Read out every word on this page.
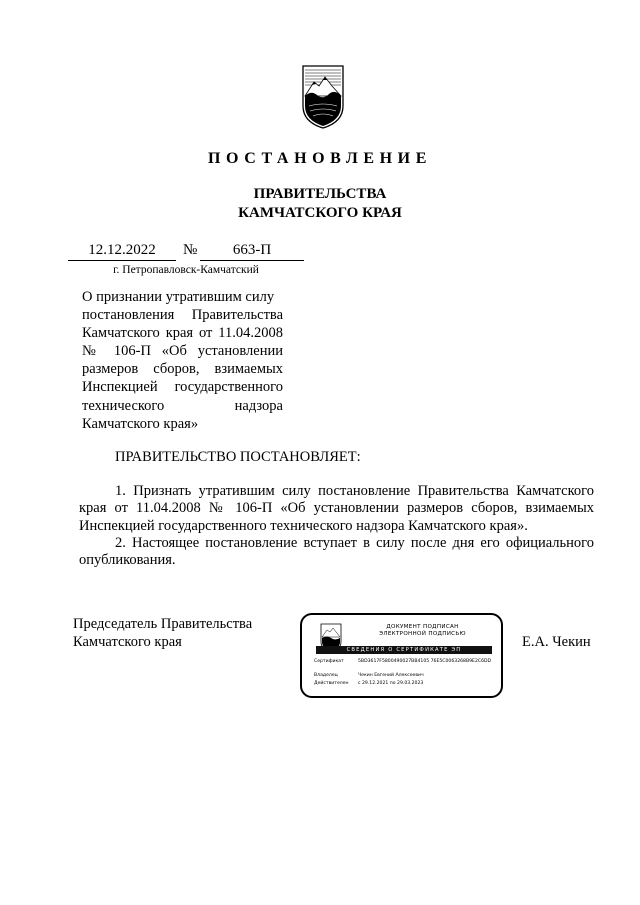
ПОСТАНОВЛЕНИЕ
ПРАВИТЕЛЬСТВА
КАМЧАТСКОГО КРАЯ
12.12.2022	№	663-П
г. Петропавловск-Камчатский
О признании утратившим силу
постановления Правительства
Камчатского края от 11.04.2008
№ 106-П «Об установлении
размеров сборов, взимаемых
Инспекцией государственного
технического надзора
Камчатского края»
ПРАВИТЕЛЬСТВО ПОСТАНОВЛЯЕТ:

1. Признать утратившим силу постановление Правительства Камчатского края от 11.04.2008 № 106-П «Об установлении размеров сборов, взимаемых Инспекцией государственного технического надзора Камчатского края».

2. Настоящее постановление вступает в силу после дня его официального опубликования.

Председатель Правительства
Камчатского края	Е.А. Чекин
ДОКУМЕНТ ПОДПИСАН
ЭЛЕКТРОННОЙ ПОДПИСЬЮ
СВЕДЕНИЯ О СЕРТИФИКАТЕ ЭП
Сертификат	5BD3617F5800490027BB4105 76E5C0063268B9E2C6DD
Владелец	Чекин Евгений Алексеевич
Действителен	с 29.12.2021 по 29.03.2023
